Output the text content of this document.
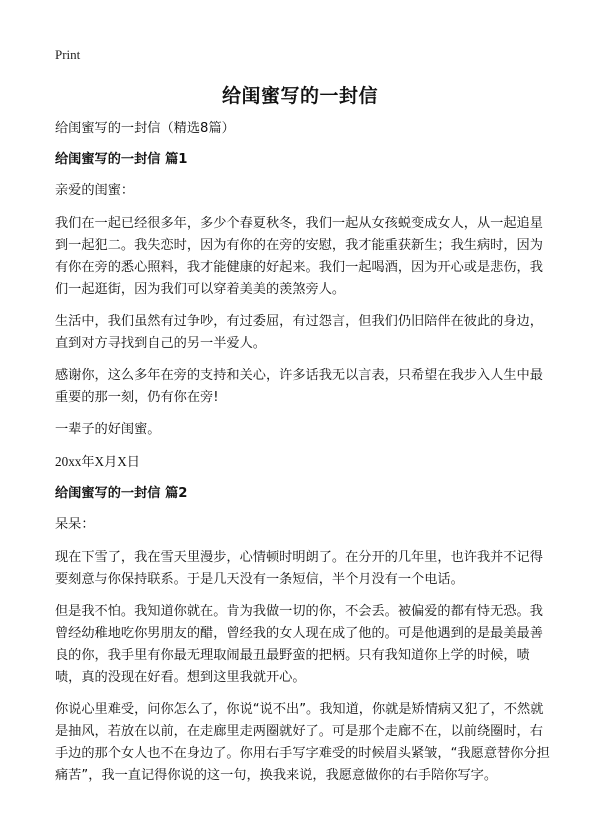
Print
给闺蜜写的一封信

给闺蜜写的一封信（精选8篇）

给闺蜜写的一封信 篇1

亲爱的闺蜜：

我们在一起已经很多年，多少个春夏秋冬，我们一起从女孩蜕变成女人，从一起追星到一起犯二。我失恋时，因为有你的在旁的安慰，我才能重获新生；我生病时，因为有你在旁的悉心照料，我才能健康的好起来。我们一起喝酒，因为开心或是悲伤，我们一起逛街，因为我们可以穿着美美的羡煞旁人。

生活中，我们虽然有过争吵，有过委屈，有过怨言，但我们仍旧陪伴在彼此的身边，直到对方寻找到自己的另一半爱人。

感谢你，这么多年在旁的支持和关心，许多话我无以言表，只希望在我步入人生中最重要的那一刻，仍有你在旁!

一辈子的好闺蜜。

20xx年X月X日

给闺蜜写的一封信 篇2

呆呆：

现在下雪了，我在雪天里漫步，心情顿时明朗了。在分开的几年里，也许我并不记得要刻意与你保持联系。于是几天没有一条短信，半个月没有一个电话。

但是我不怕。我知道你就在。肯为我做一切的你，不会丢。被偏爱的都有恃无恐。我曾经幼稚地吃你男朋友的醋，曾经我的女人现在成了他的。可是他遇到的是最美最善良的你，我手里有你最无理取闹最丑最野蛮的把柄。只有我知道你上学的时候，啧啧，真的没现在好看。想到这里我就开心。

你说心里难受，问你怎么了，你说“说不出”。我知道，你就是矫情病又犯了，不然就是抽风，若放在以前，在走廊里走两圈就好了。可是那个走廊不在，以前绕圈时，右手边的那个女人也不在身边了。你用右手写字难受的时候眉头紧皱，“我愿意替你分担痛苦”，我一直记得你说的这一句，换我来说，我愿意做你的右手陪你写字。
